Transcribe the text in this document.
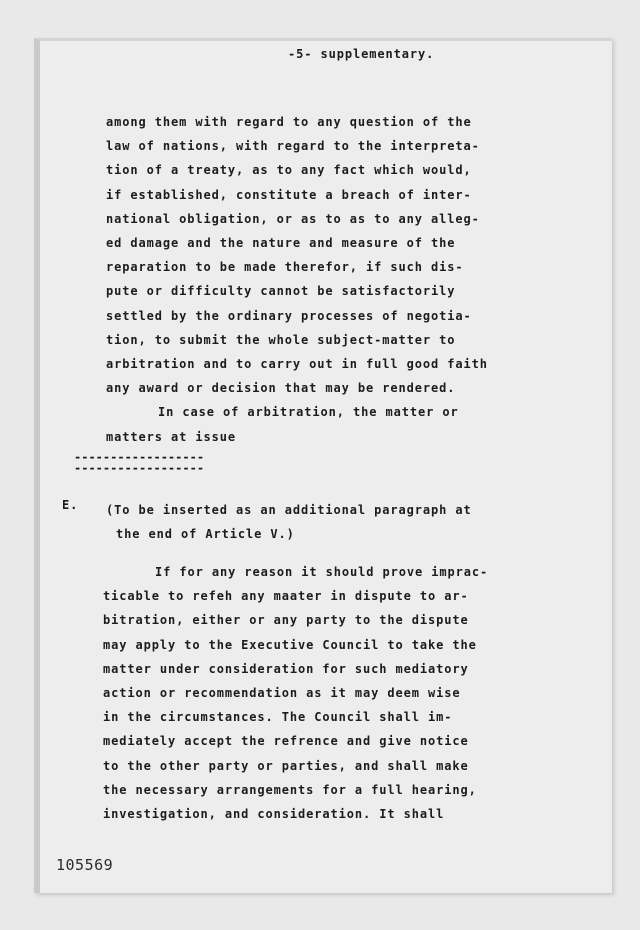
-5- supplementary.
among them with regard to any question of the
law of nations, with regard to the interpreta-
tion of a treaty, as to any fact which would,
if established, constitute a breach of inter-
national obligation, or as to as to any alleg-
ed damage and the nature and measure of the
reparation to be made therefor, if such dis-
pute or difficulty cannot be satisfactorily
settled by the ordinary processes of negotia-
tion, to submit the whole subject-matter to
arbitration and to carry out in full good faith
any award or decision that may be rendered.
In case of arbitration, the matter or
matters at issue
------------------
------------------
E. (To be inserted as an additional paragraph at
the end of Article V.)
If for any reason it should prove imprac-
ticable to refeh any maater in dispute to ar-
bitration, either or any party to the dispute
may apply to the Executive Council to take the
matter under consideration for such mediatory
action or recommendation as it may deem wise
in the circumstances. The Council shall im-
mediately accept the refrence and give notice
to the other party or parties, and shall make
the necessary arrangements for a full hearing,
investigation, and consideration. It shall
105569
